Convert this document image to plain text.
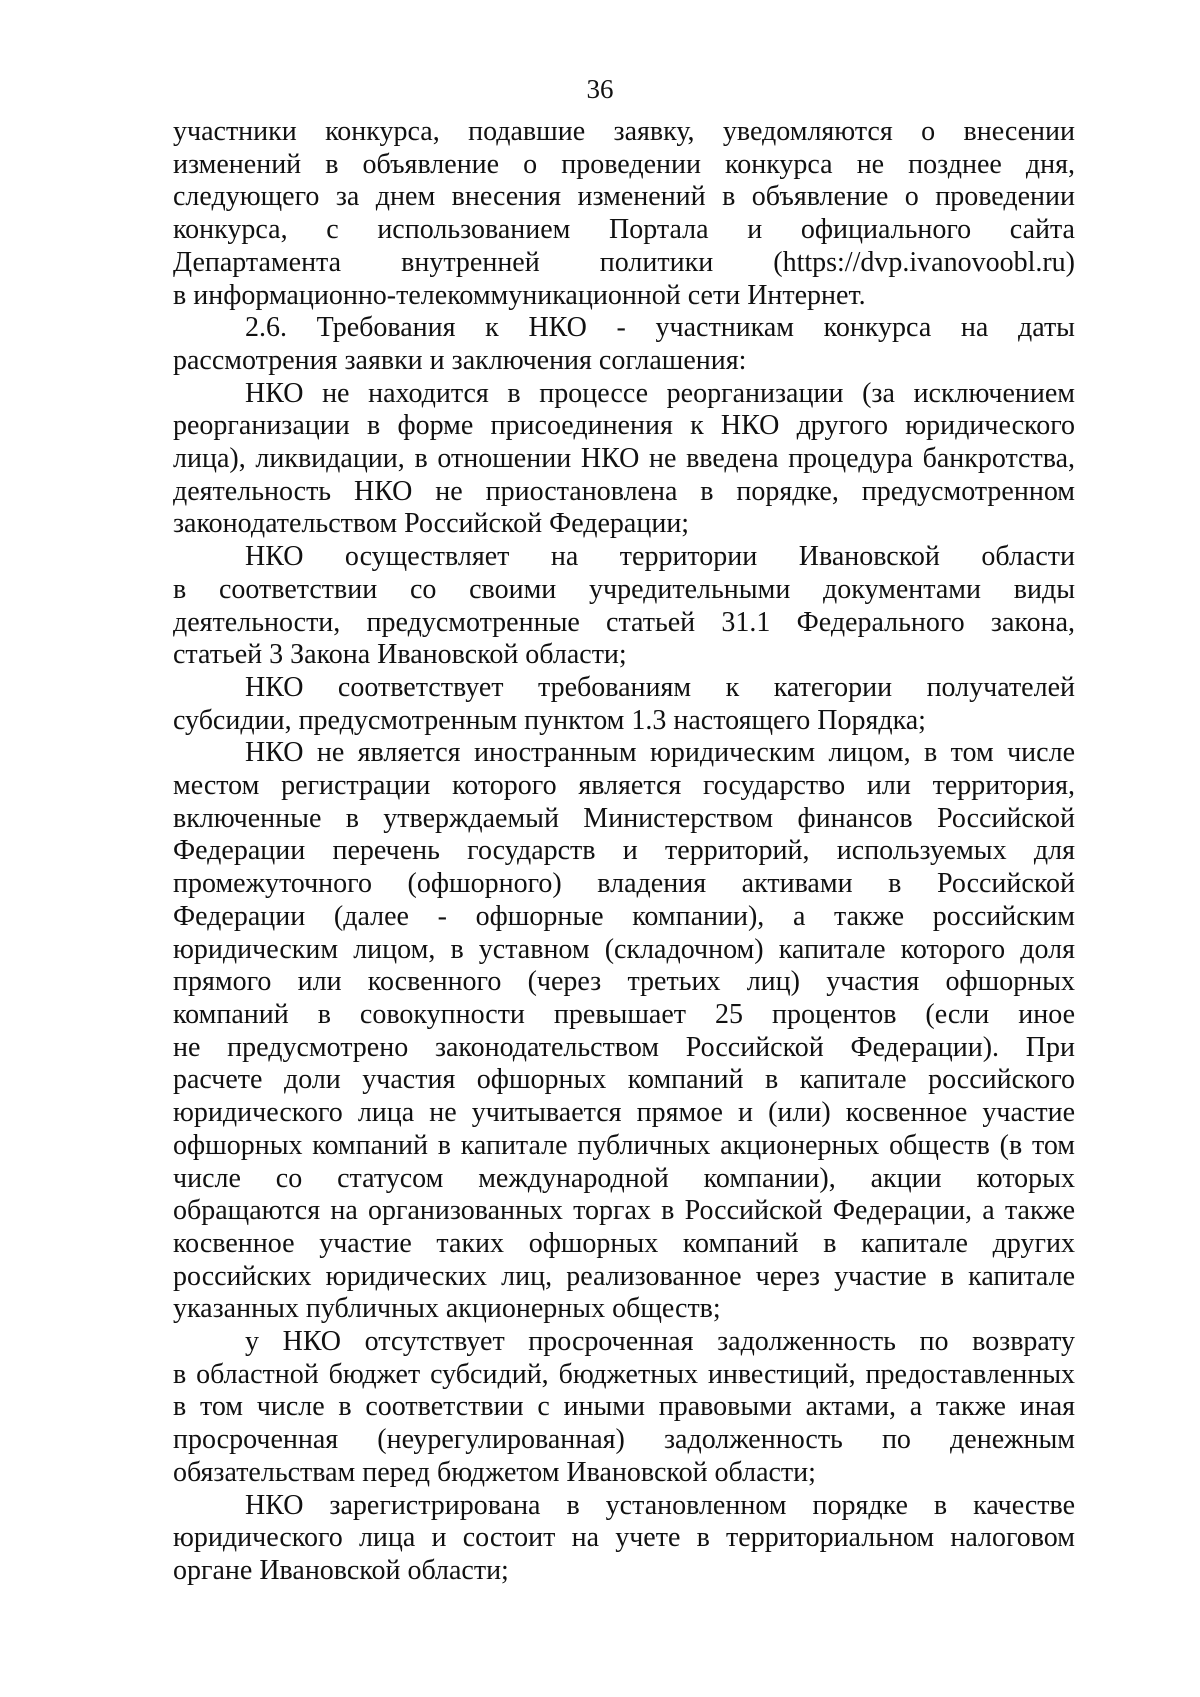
36

участники конкурса, подавшие заявку, уведомляются о внесении
изменений в объявление о проведении конкурса не позднее дня,
следующего за днем внесения изменений в объявление о проведении
конкурса, с использованием Портала и официального сайта
Департамента внутренней политики (https://dvp.ivanovoobl.ru)
в информационно-телекоммуникационной сети Интернет.

2.6. Требования к НКО - участникам конкурса на даты
рассмотрения заявки и заключения соглашения:

НКО не находится в процессе реорганизации (за исключением
реорганизации в форме присоединения к НКО другого юридического
лица), ликвидации, в отношении НКО не введена процедура банкротства,
деятельность НКО не приостановлена в порядке, предусмотренном
законодательством Российской Федерации;

НКО осуществляет на территории Ивановской области
в соответствии со своими учредительными документами виды
деятельности, предусмотренные статьей 31.1 Федерального закона,
статьей 3 Закона Ивановской области;

НКО соответствует требованиям к категории получателей
субсидии, предусмотренным пунктом 1.3 настоящего Порядка;

НКО не является иностранным юридическим лицом, в том числе
местом регистрации которого является государство или территория,
включенные в утверждаемый Министерством финансов Российской
Федерации перечень государств и территорий, используемых для
промежуточного (офшорного) владения активами в Российской
Федерации (далее - офшорные компании), а также российским
юридическим лицом, в уставном (складочном) капитале которого доля
прямого или косвенного (через третьих лиц) участия офшорных
компаний в совокупности превышает 25 процентов (если иное
не предусмотрено законодательством Российской Федерации). При
расчете доли участия офшорных компаний в капитале российского
юридического лица не учитывается прямое и (или) косвенное участие
офшорных компаний в капитале публичных акционерных обществ (в том
числе со статусом международной компании), акции которых
обращаются на организованных торгах в Российской Федерации, а также
косвенное участие таких офшорных компаний в капитале других
российских юридических лиц, реализованное через участие в капитале
указанных публичных акционерных обществ;

у НКО отсутствует просроченная задолженность по возврату
в областной бюджет субсидий, бюджетных инвестиций, предоставленных
в том числе в соответствии с иными правовыми актами, а также иная
просроченная (неурегулированная) задолженность по денежным
обязательствам перед бюджетом Ивановской области;

НКО зарегистрирована в установленном порядке в качестве
юридического лица и состоит на учете в территориальном налоговом
органе Ивановской области;
